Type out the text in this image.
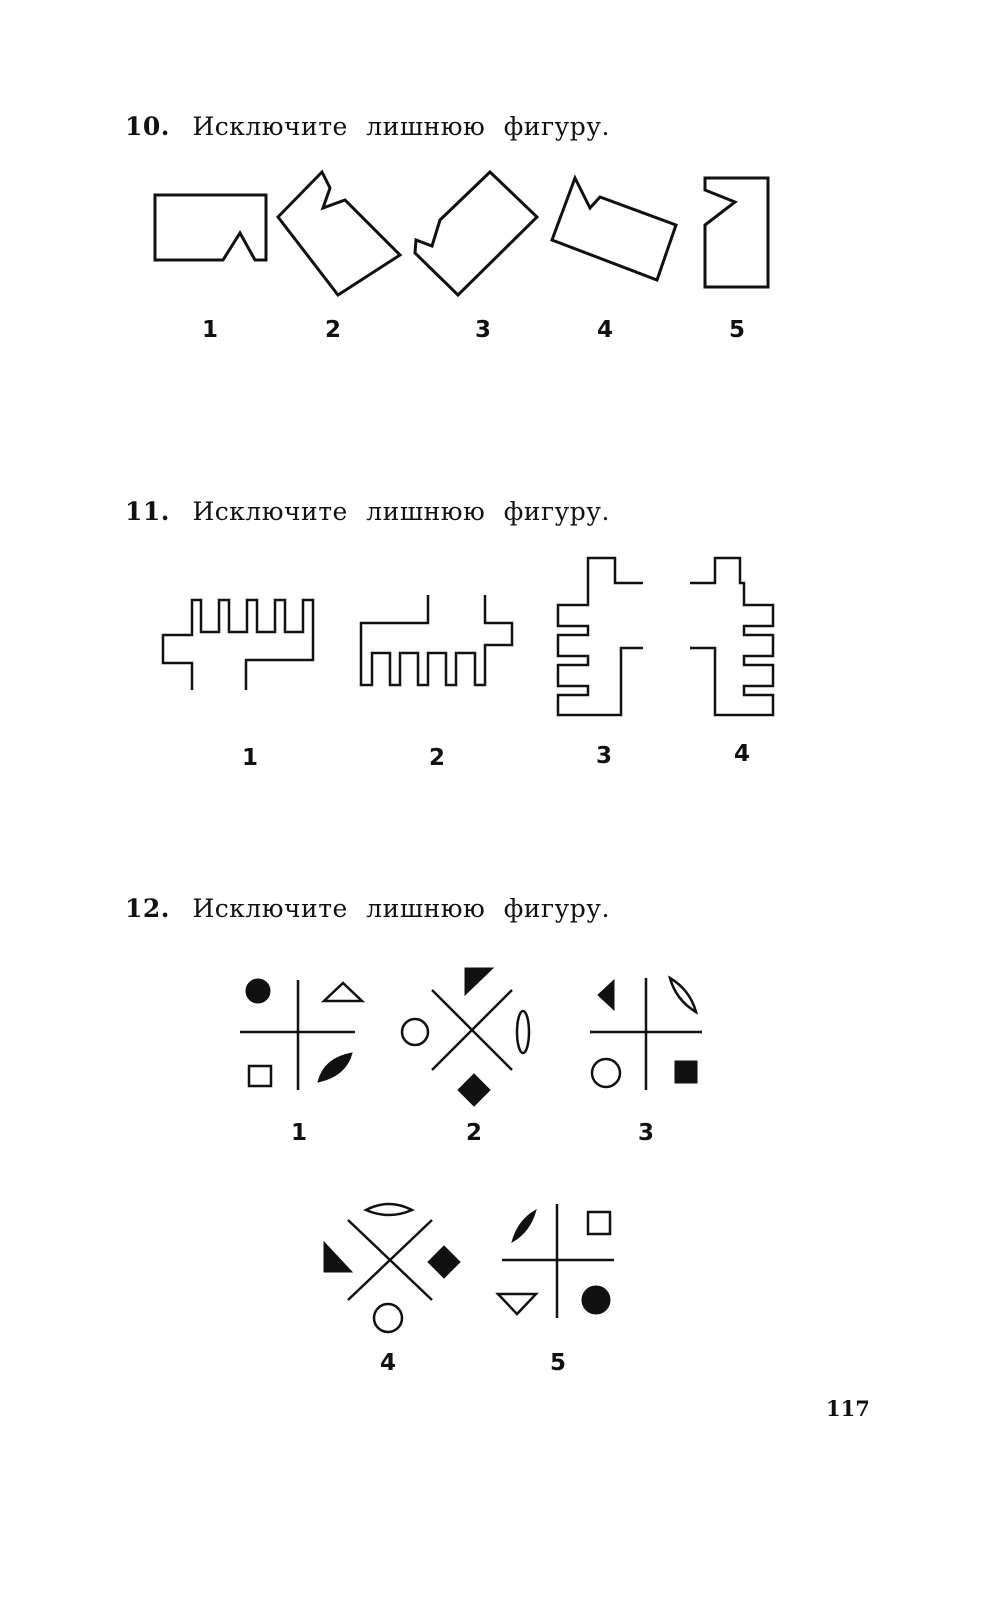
10. Исключите лишнюю фигуру.
1	2	3	4	5
11. Исключите лишнюю фигуру.
1	2	3	4
12. Исключите лишнюю фигуру.
1	2	3
4	5
117
